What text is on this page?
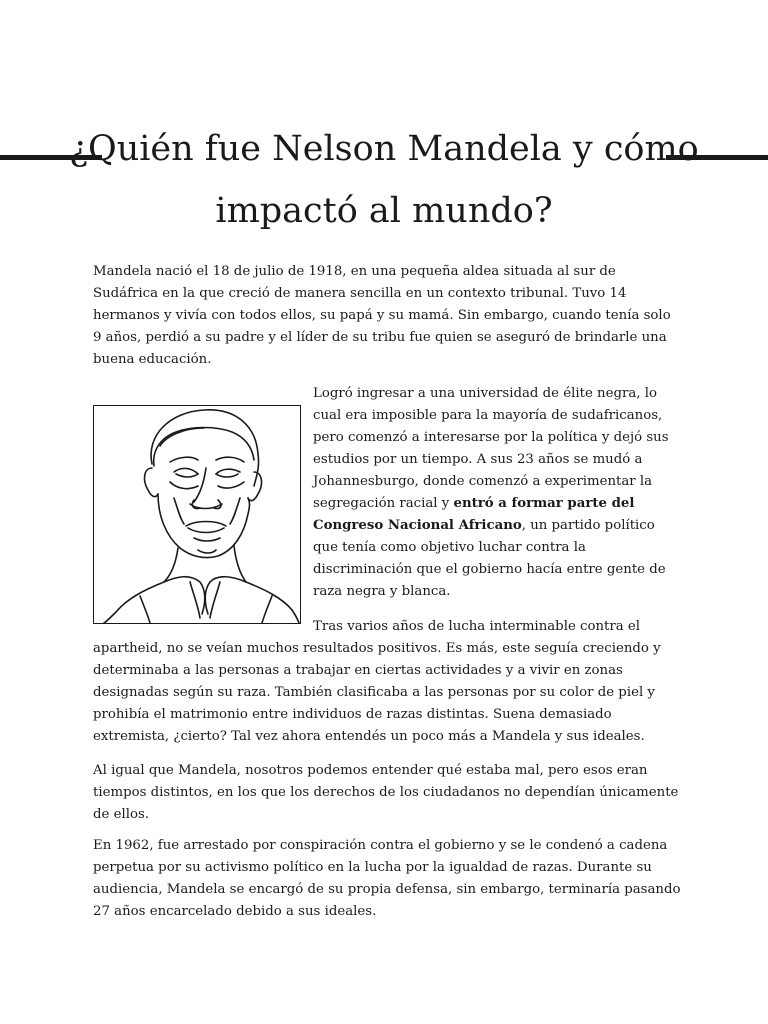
¿Quién fue Nelson Mandela y cómo
impactó al mundo?
Mandela nació el 18 de julio de 1918, en una pequeña aldea situada al sur de Sudáfrica en la que creció de manera sencilla en un contexto tribunal. Tuvo 14 hermanos y vivía con todos ellos, su papá y su mamá. Sin embargo, cuando tenía solo 9 años, perdió a su padre y el líder de su tribu fue quien se aseguró de brindarle una buena educación.
Logró ingresar a una universidad de élite negra, lo cual era imposible para la mayoría de sudafricanos, pero comenzó a interesarse por la política y dejó sus estudios por un tiempo. A sus 23 años se mudó a Johannesburgo, donde comenzó a experimentar la segregación racial y entró a formar parte del Congreso Nacional Africano, un partido político que tenía como objetivo luchar contra la discriminación que el gobierno hacía entre gente de raza negra y blanca.
Tras varios años de lucha interminable contra el apartheid, no se veían muchos resultados positivos. Es más, este seguía creciendo y determinaba a las personas a trabajar en ciertas actividades y a vivir en zonas designadas según su raza. También clasificaba a las personas por su color de piel y prohibía el matrimonio entre individuos de razas distintas. Suena demasiado extremista, ¿cierto? Tal vez ahora entendés un poco más a Mandela y sus ideales.
Al igual que Mandela, nosotros podemos entender qué estaba mal, pero esos eran tiempos distintos, en los que los derechos de los ciudadanos no dependían únicamente de ellos.
En 1962, fue arrestado por conspiración contra el gobierno y se le condenó a cadena perpetua por su activismo político en la lucha por la igualdad de razas. Durante su audiencia, Mandela se encargó de su propia defensa, sin embargo, terminaría pasando 27 años encarcelado debido a sus ideales.
